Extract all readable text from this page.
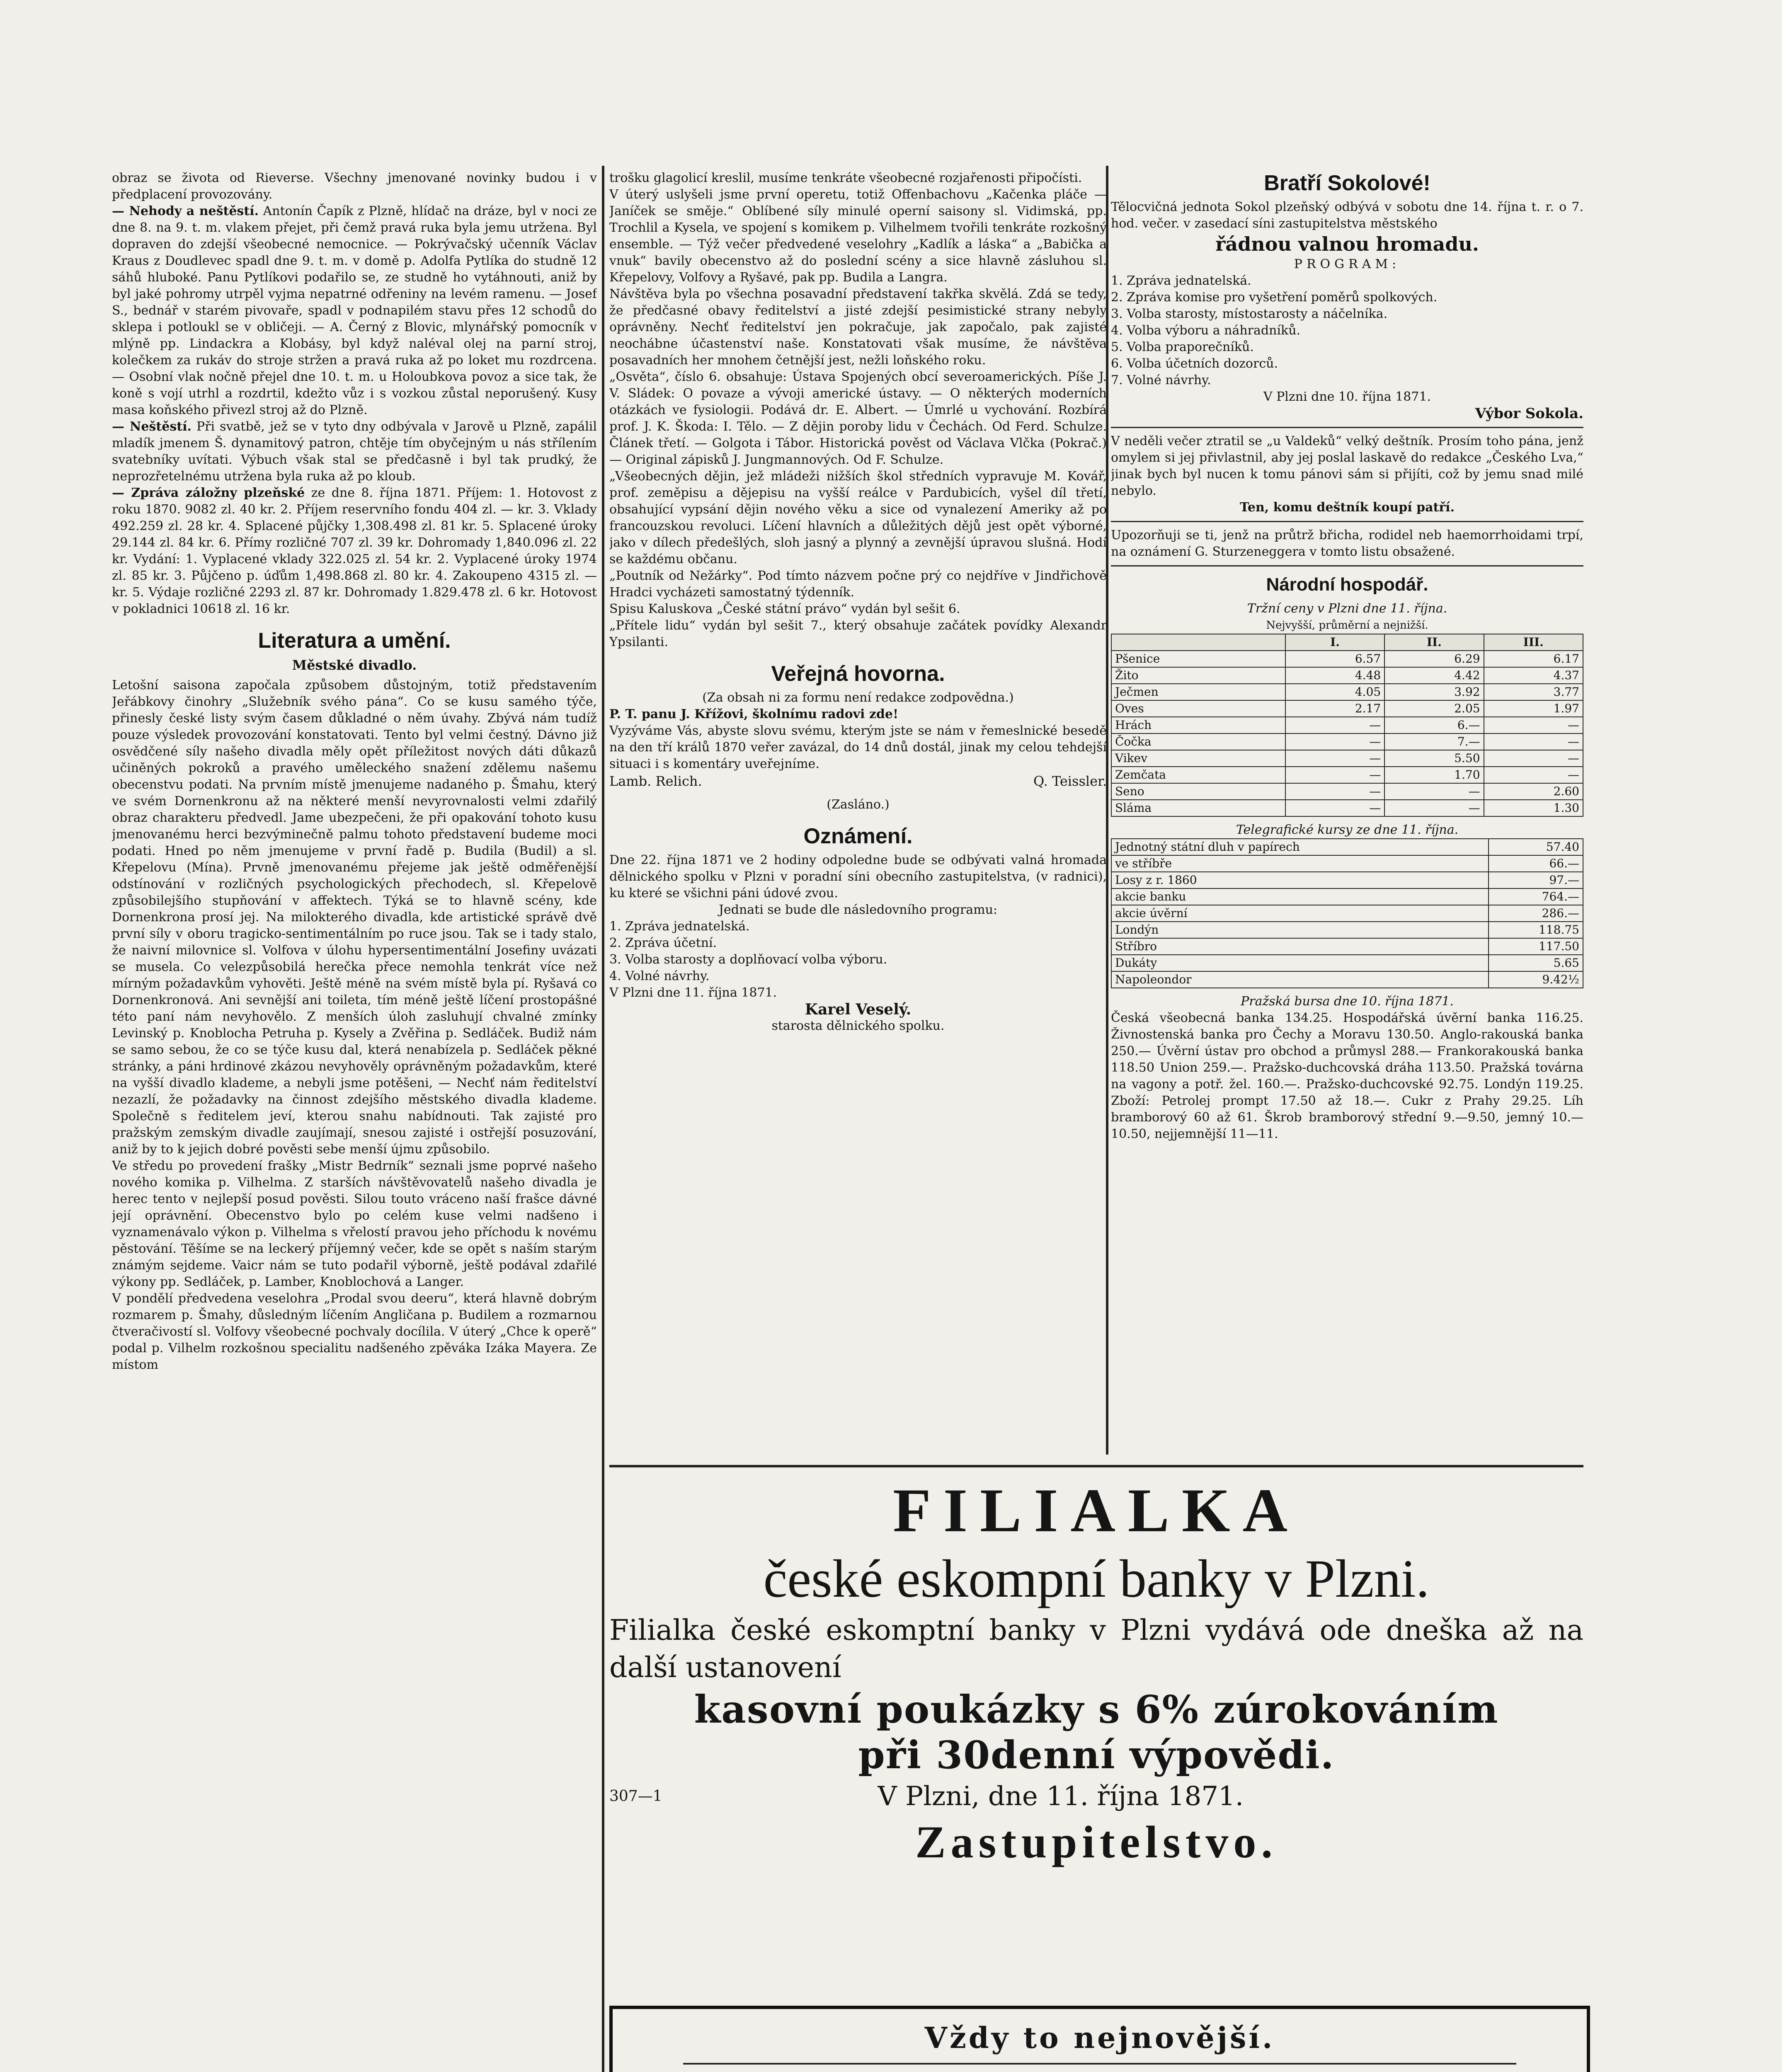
obraz se života od Rieverse. Všechny jmenované novinky budou i v předplacení provozovány.

— Nehody a neštěstí. Antonín Čapík z Plzně, hlídač na dráze, byl v noci ze dne 8. na 9. t. m. vlakem přejet, při čemž pravá ruka byla jemu utržena. Byl dopraven do zdejší všeobecné nemocnice. — Pokrývačský učenník Václav Kraus z Doudlevec spadl dne 9. t. m. v domě p. Adolfa Pytlíka do studně 12 sáhů hluboké. Panu Pytlíkovi podařilo se, ze studně ho vytáhnouti, aniž by byl jaké pohromy utrpěl vyjma nepatrné odřeniny na levém ramenu. — Josef S., bednář v starém pivovaře, spadl v podnapilém stavu přes 12 schodů do sklepa i potloukl se v obličeji. — A. Černý z Blovic, mlynářský pomocník v mlýně pp. Lindackra a Klobásy, byl když naléval olej na parní stroj, kolečkem za rukáv do stroje stržen a pravá ruka až po loket mu rozdrcena. — Osobní vlak nočně přejel dne 10. t. m. u Holoubkova povoz a sice tak, že koně s vojí utrhl a rozdrtil, kdežto vůz i s vozkou zůstal neporušený. Kusy masa koňského přivezl stroj až do Plzně.

— Neštěstí. Při svatbě, jež se v tyto dny odbývala v Jarově u Plzně, zapálil mladík jmenem Š. dynamitový patron, chtěje tím obyčejným u nás střílením svatebníky uvítati. Výbuch však stal se předčasně i byl tak prudký, že neprozřetelnému utržena byla ruka až po kloub.

— Zpráva záložny plzeňské ze dne 8. října 1871. Příjem: 1. Hotovost z roku 1870. 9082 zl. 40 kr. 2. Příjem reservního fondu 404 zl. — kr. 3. Vklady 492.259 zl. 28 kr. 4. Splacené půjčky 1,308.498 zl. 81 kr. 5. Splacené úroky 29.144 zl. 84 kr. 6. Přímy rozličné 707 zl. 39 kr. Dohromady 1,840.096 zl. 22 kr. Vydání: 1. Vyplacené vklady 322.025 zl. 54 kr. 2. Vyplacené úroky 1974 zl. 85 kr. 3. Půjčeno p. úďům 1,498.868 zl. 80 kr. 4. Zakoupeno 4315 zl. — kr. 5. Výdaje rozličné 2293 zl. 87 kr. Dohromady 1.829.478 zl. 6 kr. Hotovost v pokladnici 10618 zl. 16 kr.

Literatura a umění.
Městské divadlo.

Letošní saisona započala způsobem důstojným, totiž představením Jeřábkovy činohry „Služebník svého pána“. Co se kusu samého týče, přinesly české listy svým časem důkladné o něm úvahy. Zbývá nám tudíž pouze výsledek provozování konstatovati. Tento byl velmi čestný. Dávno již osvědčené síly našeho divadla měly opět příležitost nových dáti důkazů učiněných pokroků a pravého uměleckého snažení zdělemu našemu obecenstvu podati. Na prvním místě jmenujeme nadaného p. Šmahu, který ve svém Dornenkronu až na některé menší nevyrovnalosti velmi zdařilý obraz charakteru předvedl. Jame ubezpečeni, že při opakování tohoto kusu jmenovanému herci bezvýminečně palmu tohoto představení budeme moci podati. Hned po něm jmenujeme v první řadě p. Budila (Budil) a sl. Křepelovu (Mína). Prvně jmenovanému přejeme jak ještě odměřenější odstínování v rozličných psychologických přechodech, sl. Křepelově způsobilejšího stupňování v affektech. Týká se to hlavně scény, kde Dornenkrona prosí jej. Na milokterého divadla, kde artistické správě dvě první síly v oboru tragicko-sentimentálním po ruce jsou. Tak se i tady stalo, že naivní milovnice sl. Volfova v úlohu hypersentimentální Josefiny uvázati se musela. Co velezpůsobilá herečka přece nemohla tenkrát více než mírným požadavkům vyhověti. Ještě méně na svém místě byla pí. Ryšavá co Dornenkronová. Ani sevnější ani toileta, tím méně ještě líčení prostopášné této paní nám nevyhovělo. Z menších úloh zasluhují chvalné zmínky Levinský p. Knoblocha Petruha p. Kysely a Zvěřina p. Sedláček. Budiž nám se samo sebou, že co se týče kusu dal, která nenabízela p. Sedláček pěkné stránky, a páni hrdinové zkázou nevyhověly oprávněným požadavkům, které na vyšší divadlo klademe, a nebyli jsme potěšeni, — Nechť nám ředitelství nezazlí, že požadavky na činnost zdejšího městského divadla klademe. Společně s ředitelem jeví, kterou snahu nabídnouti. Tak zajisté pro pražským zemským divadle zaujímají, snesou zajisté i ostřejší posuzování, aniž by to k jejich dobré pověsti sebe menší újmu způsobilo.

Ve středu po provedení frašky „Mistr Bedrník“ seznali jsme poprvé našeho nového komika p. Vilhelma. Z starších návštěvovatelů našeho divadla je herec tento v nejlepší posud pověsti. Silou touto vráceno naší frašce dávné její oprávnění. Obecenstvo bylo po celém kuse velmi nadšeno i vyznamenávalo výkon p. Vilhelma s vřelostí pravou jeho příchodu k novému pěstování. Těšíme se na leckerý příjemný večer, kde se opět s naším starým známým sejdeme. Vaicr nám se tuto podařil výborně, ještě podával zdařilé výkony pp. Sedláček, p. Lamber, Knoblochová a Langer.

V pondělí předvedena veselohra „Prodal svou deeru“, která hlavně dobrým rozmarem p. Šmahy, důsledným líčením Angličana p. Budilem a rozmarnou čtveračivostí sl. Volfovy všeobecné pochvaly docílila. V úterý „Chce k operě“ podal p. Vilhelm rozkošnou specialitu nadšeného zpěváka Izáka Mayera. Ze místom

trošku glagolicí kreslil, musíme tenkráte všeobecné rozjařenosti připočísti.

V úterý uslyšeli jsme první operetu, totiž Offenbachovu „Kačenka pláče — Janíček se směje.“ Oblíbené síly minulé operní saisony sl. Vidimská, pp. Trochlil a Kysela, ve spojení s komikem p. Vilhelmem tvořili tenkráte rozkošný ensemble. — Týž večer předvedené veselohry „Kadlík a láska“ a „Babička a vnuk“ bavily obecenstvo až do poslední scény a sice hlavně zásluhou sl. Křepelovy, Volfovy a Ryšavé, pak pp. Budila a Langra.

Návštěva byla po všechna posavadní představení takřka skvělá. Zdá se tedy, že předčasné obavy ředitelství a jisté zdejší pesimistické strany nebyly oprávněny. Nechť ředitelství jen pokračuje, jak započalo, pak zajisté neochábne účastenství naše. Konstatovati však musíme, že návštěva posavadních her mnohem četnější jest, nežli loňského roku.

„Osvěta“, číslo 6. obsahuje: Ústava Spojených obcí severoamerických. Píše J. V. Sládek: O povaze a vývoji americké ústavy. — O některých moderních otázkách ve fysiologii. Podává dr. E. Albert. — Úmrlé u vychování. Rozbírá prof. J. K. Škoda: I. Tělo. — Z dějin poroby lidu v Čechách. Od Ferd. Schulze. Článek třetí. — Golgota i Tábor. Historická pověst od Václava Vlčka (Pokrač.) — Original zápisků J. Jungmannových. Od F. Schulze.

„Všeobecných dějin, jež mládeži nižších škol středních vypravuje M. Kovář, prof. zeměpisu a dějepisu na vyšší reálce v Pardubicích, vyšel díl třetí, obsahující vypsání dějin nového věku a sice od vynalezení Ameriky až po francouzskou revoluci. Líčení hlavních a důležitých dějů jest opět výborné, jako v dílech předešlých, sloh jasný a plynný a zevnější úpravou slušná. Hodí se každému občanu.

„Poutník od Nežárky“. Pod tímto názvem počne prý co nejdříve v Jindřichově Hradci vycházeti samostatný týdenník.

Spisu Kaluskova „České státní právo“ vydán byl sešit 6.

„Přítele lidu“ vydán byl sešit 7., který obsahuje začátek povídky Alexandr Ypsilanti.

Veřejná hovorna.

(Za obsah ni za formu není redakce zodpovědna.)

P. T. panu J. Křížovi, školnímu radovi zde!

Vyzýváme Vás, abyste slovu svému, kterým jste se nám v řemeslnické besedě na den tří králů 1870 veřer zavázal, do 14 dnů dostál, jinak my celou tehdejší situaci i s komentáry uveřejníme.

Lamb. Relich.	Q. Teissler.

(Zasláno.)

Oznámení.

Dne 22. října 1871 ve 2 hodiny odpoledne bude se odbývati valná hromada dělnického spolku v Plzni v poradní síni obecního zastupitelstva, (v radnici), ku které se všichni páni údové zvou.

Jednati se bude dle následovního programu:

1. Zpráva jednatelská.

2. Zpráva účetní.

3. Volba starosty a doplňovací volba výboru.

4. Volné návrhy.

V Plzni dne 11. října 1871.

Karel Veselý.

starosta dělnického spolku.

Bratří Sokolové!

Tělocvičná jednota Sokol plzeňský odbývá v sobotu dne 14. října t. r. o 7. hod. večer. v zasedací síni zastupitelstva městského

řádnou valnou hromadu.

PROGRAM:

1. Zpráva jednatelská.

2. Zpráva komise pro vyšetření poměrů spolkových.

3. Volba starosty, místostarosty a náčelníka.

4. Volba výboru a náhradníků.

5. Volba praporečníků.

6. Volba účetních dozorců.

7. Volné návrhy.

V Plzni dne 10. října 1871.

Výbor Sokola.

V neděli večer ztratil se „u Valdeků“ velký deštník. Prosím toho pána, jenž omylem si jej přivlastnil, aby jej poslal laskavě do redakce „Českého Lva,“ jinak bych byl nucen k tomu pánovi sám si přijíti, což by jemu snad milé nebylo.

Ten, komu deštník koupí patří.

Upozorňuji se ti, jenž na průtrž břicha, rodidel neb haemorrhoidami trpí, na oznámení G. Sturzeneggera v tomto listu obsažené.

Národní hospodář.

Tržní ceny v Plzni dne 11. října.

Nejvyšší, průměrní a nejnižší.

	I.	II.	III.
Pšenice	6.57	6.29	6.17
Žito	4.48	4.42	4.37
Ječmen	4.05	3.92	3.77
Oves	2.17	2.05	1.97
Hrách	—	6.—	—
Čočka	—	7.—	—
Vikev	—	5.50	—
Zemčata	—	1.70	—
Seno	—	—	2.60
Sláma	—	—	1.30

Telegrafické kursy ze dne 11. října.

Jednotný státní dluh v papírech	57.40
ve stříbře	66.—
Losy z r. 1860	97.—
akcie banku	764.—
akcie úvěrní	286.—
Londýn	118.75
Stříbro	117.50
Dukáty	5.65
Napoleondor	9.42½

Pražská bursa dne 10. října 1871.

Česká všeobecná banka 134.25. Hospodářská úvěrní banka 116.25. Živnostenská banka pro Čechy a Moravu 130.50. Anglo-rakouská banka 250.— Úvěrní ústav pro obchod a průmysl 288.— Frankorakouská banka 118.50 Union 259.—. Pražsko-duchcovská dráha 113.50. Pražská továrna na vagony a potř. žel. 160.—. Pražsko-duchcovské 92.75. Londýn 119.25. Zboží: Petrolej prompt 17.50 až 18.—. Cukr z Prahy 29.25. Líh bramborový 60 až 61. Škrob bramborový střední 9.—9.50, jemný 10.—10.50, nejjemnější 11—11.

FILIALKA

české eskompní banky v Plzni.

Filialka české eskomptní banky v Plzni vydává ode dneška až na další ustanovení

kasovní poukázky s 6% zúrokováním

při 30denní výpovědi.

307—1	V Plzni, dne 11. října 1871.

Zastupitelstvo.

Vždy to nejnovější.
